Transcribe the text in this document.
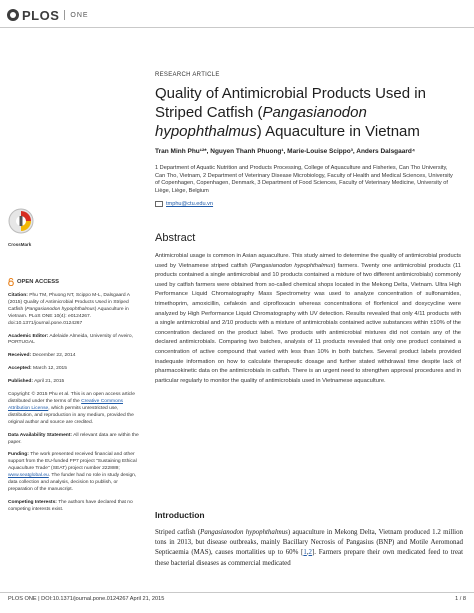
PLOS ONE
RESEARCH ARTICLE
Quality of Antimicrobial Products Used in Striped Catfish (Pangasianodon hypophthalmus) Aquaculture in Vietnam
Tran Minh Phu¹²*, Nguyen Thanh Phuong¹, Marie-Louise Scippo³, Anders Dalsgaard⁴
1 Department of Aquatic Nutrition and Products Processing, College of Aquaculture and Fisheries, Can Tho University, Can Tho, Vietnam, 2 Department of Veterinary Disease Microbiology, Faculty of Health and Medical Sciences, University of Copenhagen, Copenhagen, Denmark, 3 Department of Food Sciences, Faculty of Veterinary Medicine, University of Liège, Liège, Belgium
tmphu@ctu.edu.vn
CrossMark
OPEN ACCESS

Citation: Phu TM, Phuong NT, Scippo M-L, Dalsgaard A (2015) Quality of Antimicrobial Products Used in Striped Catfish (Pangasianodon hypophthalmus) Aquaculture in Vietnam. PLoS ONE 10(4): e0124267. doi:10.1371/journal.pone.0124267

Academic Editor: Adelaide Almeida, University of Aveiro, PORTUGAL

Received: December 22, 2014

Accepted: March 12, 2015

Published: April 21, 2015

Copyright: © 2015 Phu et al. This is an open access article distributed under the terms of the Creative Commons Attribution License, which permits unrestricted use, distribution, and reproduction in any medium, provided the original author and source are credited.

Data Availability Statement: All relevant data are within the paper.

Funding: The work presented received financial and other support from the EU-funded FP7 project "Sustaining Ethical Aquaculture Trade" (SEAT) project number 222889; www.seatglobal.eu. The funder had no role in study design, data collection and analysis, decision to publish, or preparation of the manuscript.

Competing Interests: The authors have declared that no competing interests exist.

Abstract

Antimicrobial usage is common in Asian aquaculture. This study aimed to determine the quality of antimicrobial products used by Vietnamese striped catfish (Pangasianodon hypophthalmus) farmers. Twenty one antimicrobial products (11 products contained a single antimicrobial and 10 products contained a mixture of two different antimicrobials) commonly used by catfish farmers were obtained from so-called chemical shops located in the Mekong Delta, Vietnam. Ultra High Performance Liquid Chromatography Mass Spectrometry was used to analyze concentration of sulfonamides, trimethoprim, amoxicillin, cefalexin and ciprofloxacin whereas concentrations of florfenicol and doxycycline were analyzed by High Performance Liquid Chromatography with UV detection. Results revealed that only 4/11 products with a single antimicrobial and 2/10 products with a mixture of antimicrobials contained active substances within ±10% of the concentration declared on the product label. Two products with antimicrobial mixtures did not contain any of the declared antimicrobials. Comparing two batches, analysis of 11 products revealed that only one product contained a concentration of active compound that varied with less than 10% in both batches. Several product labels provided inadequate information on how to calculate therapeutic dosage and further stated withdrawal time despite lack of pharmacokinetic data on the antimicrobials in catfish. There is an urgent need to strengthen approval procedures and in particular regularly to monitor the quality of antimicrobials used in Vietnamese aquaculture.

Introduction

Striped catfish (Pangasianodon hypophthalmus) aquaculture in Mekong Delta, Vietnam produced 1.2 million tons in 2013, but disease outbreaks, mainly Bacillary Necrosis of Pangasius (BNP) and Motile Aeromonad Septicaemia (MAS), causes mortalities up to 60% [1,2]. Farmers prepare their own medicated feed to treat these bacterial diseases as commercial medicated

PLOS ONE | DOI:10.1371/journal.pone.0124267 April 21, 2015	1 / 8
